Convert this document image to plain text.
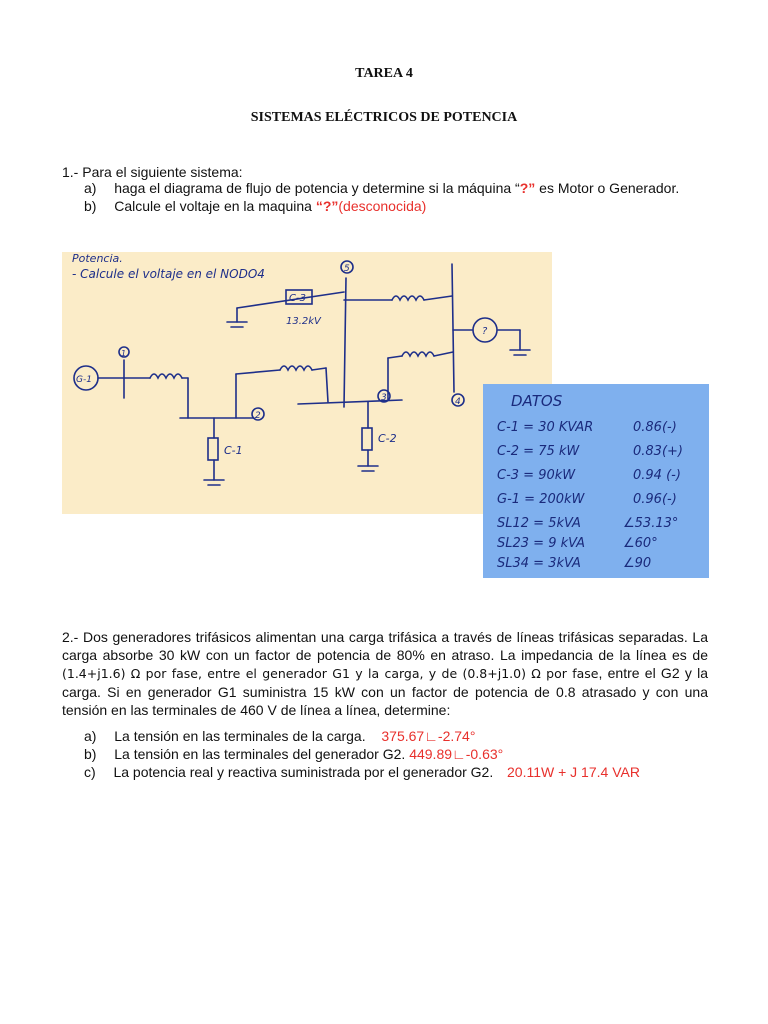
TAREA 4
SISTEMAS ELÉCTRICOS DE POTENCIA
1.- Para el siguiente sistema:
a) haga el diagrama de flujo de potencia y determine si la máquina “?” es Motor o Generador.
b) Calcule el voltaje en la maquina “?”(desconocida)
Potencia.
- Calcule el voltaje en el NODO4
1
2
3	4
5
G-1
?
C-1
C-2
C-3
13.2kV
DATOS
C-1 = 30 KVAR	0.86(-)
C-2 = 75 kW	0.83(+)
C-3 = 90kW	0.94 (-)
G-1 = 200kW	0.96(-)
SL12 = 5kVA	∠53.13°
SL23 = 9 kVA	∠60°
SL34 = 3kVA	∠90
2.- Dos generadores trifásicos alimentan una carga trifásica a través de líneas trifásicas separadas. La carga absorbe 30 kW con un factor de potencia de 80% en atraso. La impedancia de la línea es de (1.4+j1.6) Ω por fase, entre el generador G1 y la carga, y de (0.8+j1.0) Ω por fase, entre el G2 y la carga. Si en generador G1 suministra 15 kW con un factor de potencia de 0.8 atrasado y con una tensión en las terminales de 460 V de línea a línea, determine:
a) La tensión en las terminales de la carga. 375.67∟-2.74°
b) La tensión en las terminales del generador G2. 449.89∟-0.63°
c) La potencia real y reactiva suministrada por el generador G2. 20.11W + J 17.4 VAR
